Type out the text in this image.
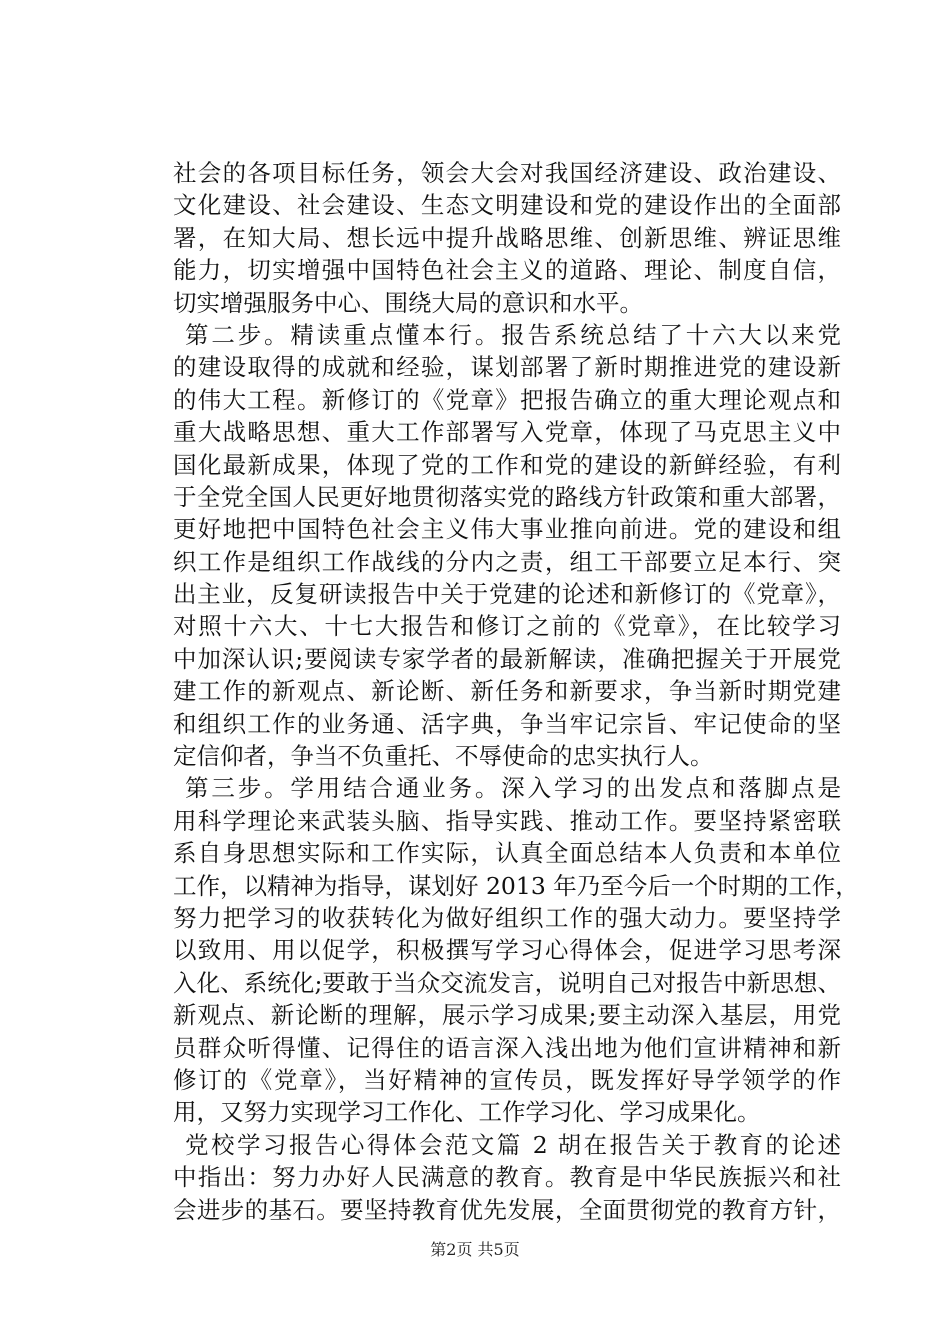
社会的各项目标任务，领会大会对我国经济建设、政治建设、
文化建设、社会建设、生态文明建设和党的建设作出的全面部
署，在知大局、想长远中提升战略思维、创新思维、辨证思维
能力，切实增强中国特色社会主义的道路、理论、制度自信，
切实增强服务中心、围绕大局的意识和水平。
第二步。精读重点懂本行。报告系统总结了十六大以来党
的建设取得的成就和经验，谋划部署了新时期推进党的建设新
的伟大工程。新修订的《党章》把报告确立的重大理论观点和
重大战略思想、重大工作部署写入党章，体现了马克思主义中
国化最新成果，体现了党的工作和党的建设的新鲜经验，有利
于全党全国人民更好地贯彻落实党的路线方针政策和重大部署，
更好地把中国特色社会主义伟大事业推向前进。党的建设和组
织工作是组织工作战线的分内之责，组工干部要立足本行、突
出主业，反复研读报告中关于党建的论述和新修订的《党章》，
对照十六大、十七大报告和修订之前的《党章》，在比较学习
中加深认识;要阅读专家学者的最新解读，准确把握关于开展党
建工作的新观点、新论断、新任务和新要求，争当新时期党建
和组织工作的业务通、活字典，争当牢记宗旨、牢记使命的坚
定信仰者，争当不负重托、不辱使命的忠实执行人。
第三步。学用结合通业务。深入学习的出发点和落脚点是
用科学理论来武装头脑、指导实践、推动工作。要坚持紧密联
系自身思想实际和工作实际，认真全面总结本人负责和本单位
工作，以精神为指导，谋划好 2013 年乃至今后一个时期的工作，
努力把学习的收获转化为做好组织工作的强大动力。要坚持学
以致用、用以促学，积极撰写学习心得体会，促进学习思考深
入化、系统化;要敢于当众交流发言，说明自己对报告中新思想、
新观点、新论断的理解，展示学习成果;要主动深入基层，用党
员群众听得懂、记得住的语言深入浅出地为他们宣讲精神和新
修订的《党章》，当好精神的宣传员，既发挥好导学领学的作
用，又努力实现学习工作化、工作学习化、学习成果化。
党校学习报告心得体会范文篇 2 胡在报告关于教育的论述
中指出：努力办好人民满意的教育。教育是中华民族振兴和社
会进步的基石。要坚持教育优先发展，全面贯彻党的教育方针，
第2页 共5页
